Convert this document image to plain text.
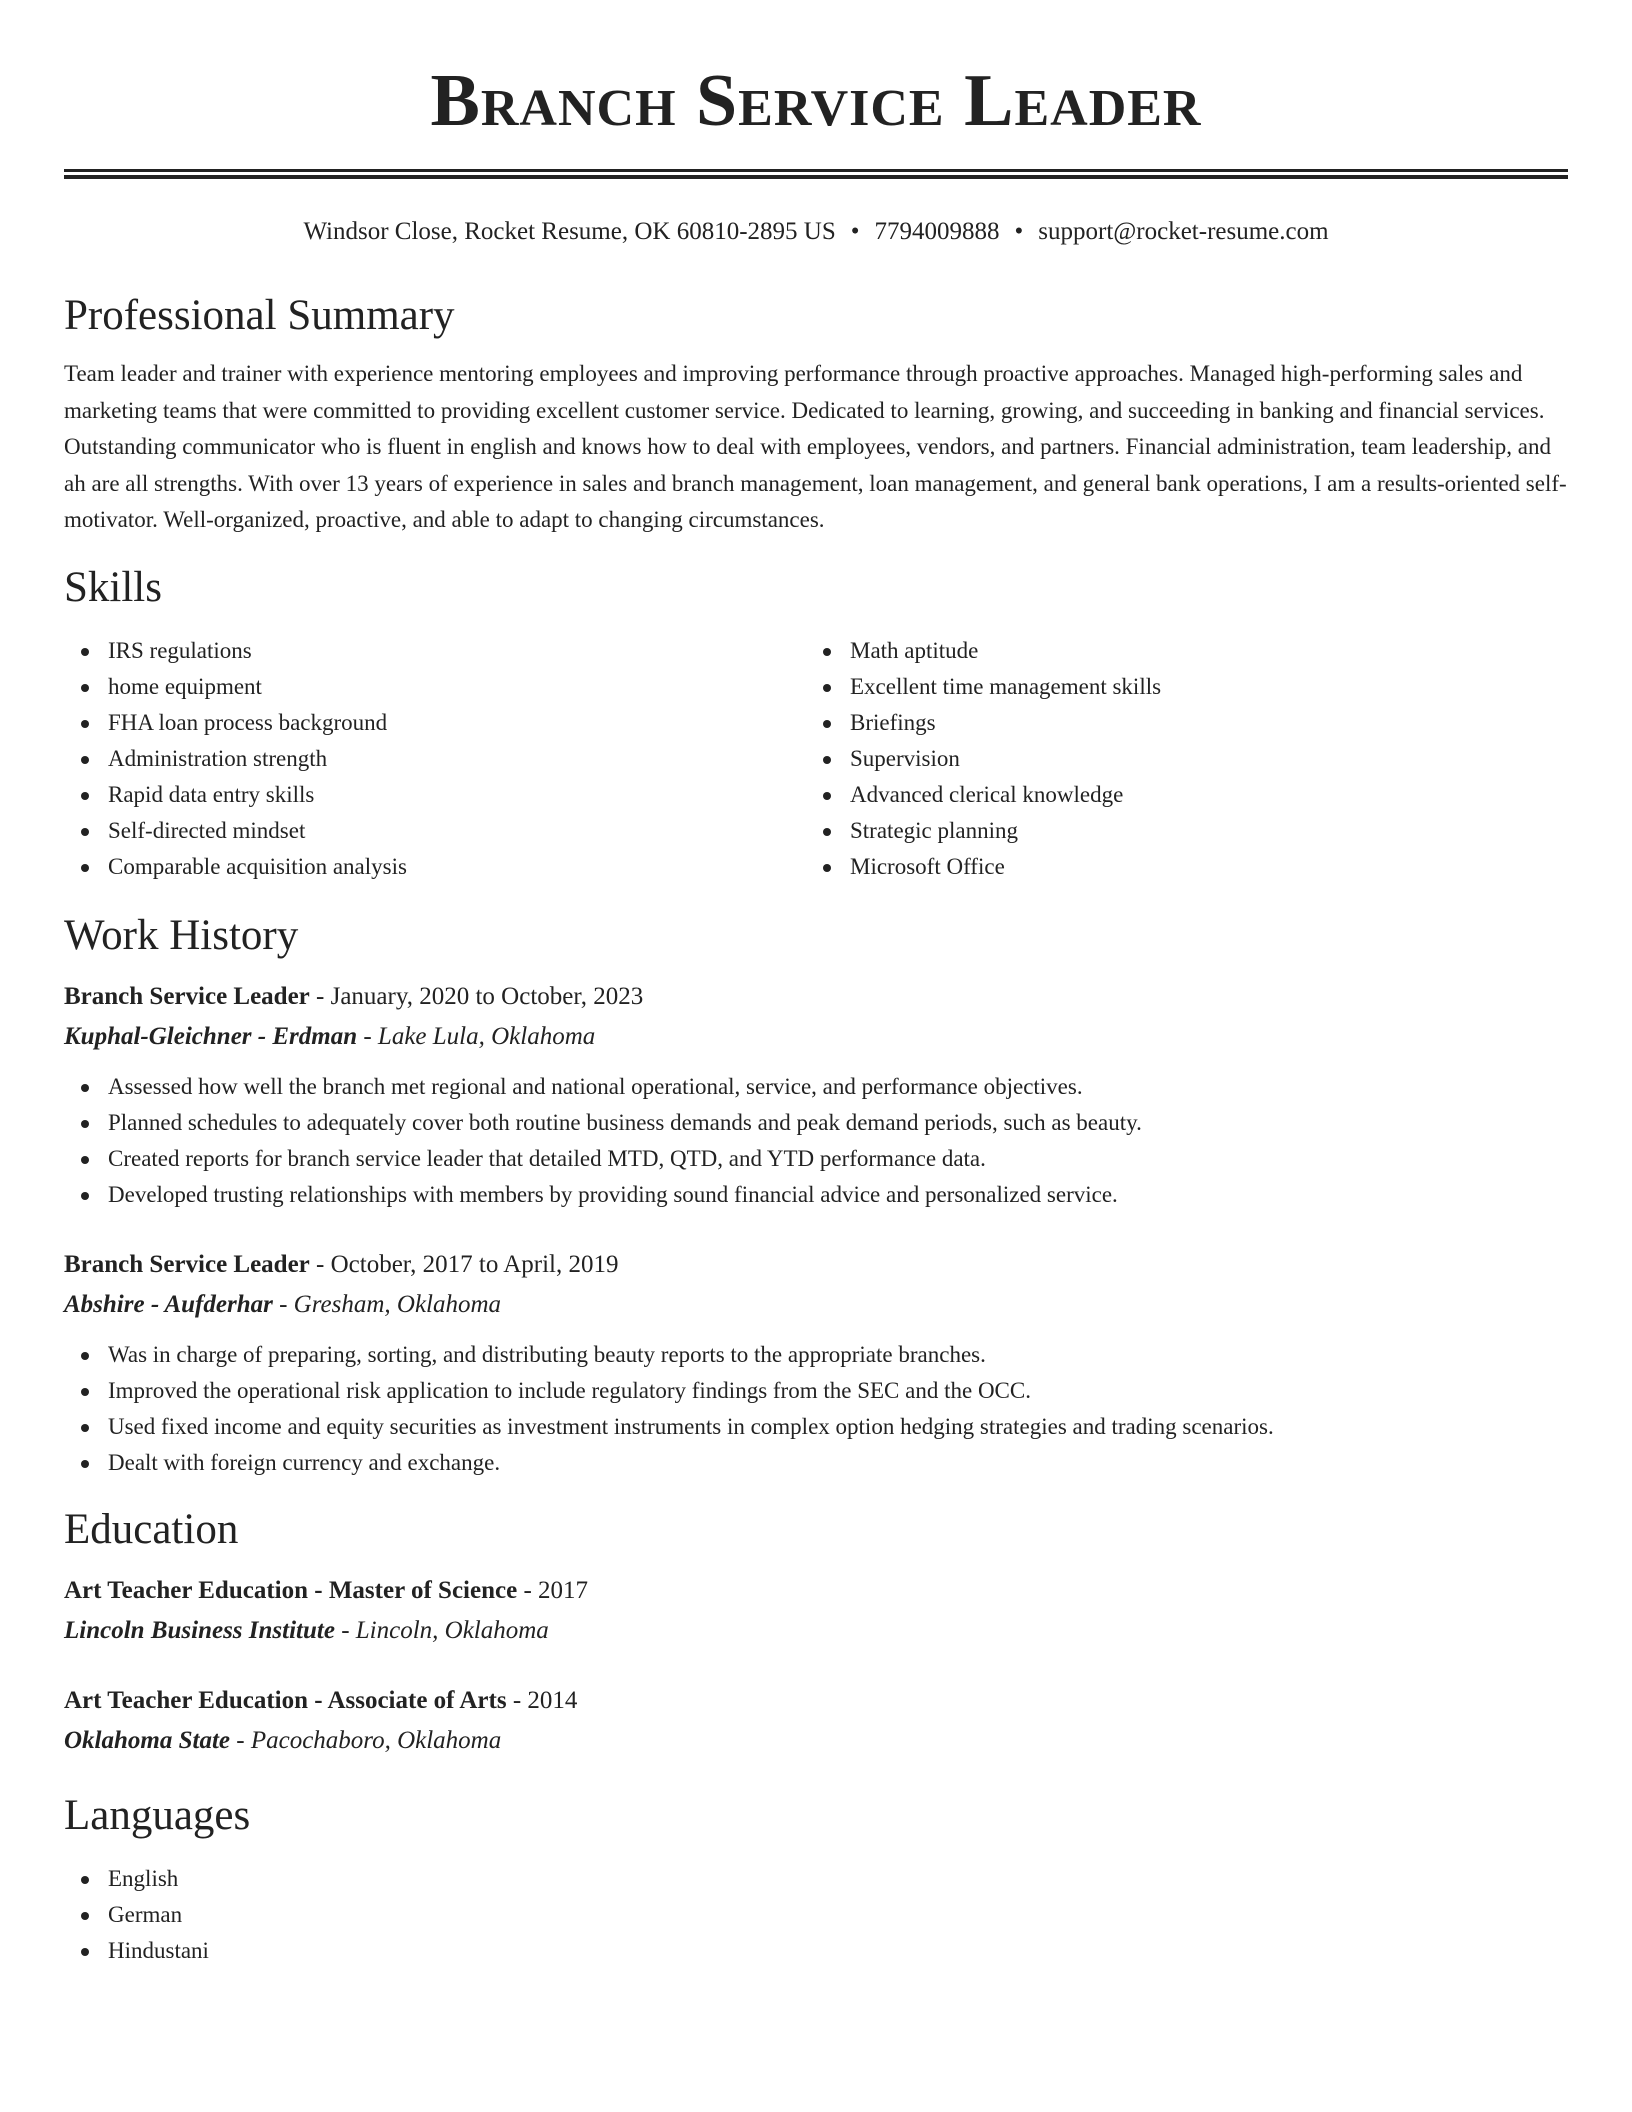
Branch Service Leader
Windsor Close, Rocket Resume, OK 60810-2895 US • 7794009888 • support@rocket-resume.com
Professional Summary

Team leader and trainer with experience mentoring employees and improving performance through proactive approaches. Managed high-performing sales and marketing teams that were committed to providing excellent customer service. Dedicated to learning, growing, and succeeding in banking and financial services. Outstanding communicator who is fluent in english and knows how to deal with employees, vendors, and partners. Financial administration, team leadership, and ah are all strengths. With over 13 years of experience in sales and branch management, loan management, and general bank operations, I am a results-oriented self-motivator. Well-organized, proactive, and able to adapt to changing circumstances.

Skills
IRS regulations
home equipment
FHA loan process background
Administration strength
Rapid data entry skills
Self-directed mindset
Comparable acquisition analysis
Math aptitude
Excellent time management skills
Briefings
Supervision
Advanced clerical knowledge
Strategic planning
Microsoft Office
Work History
Branch Service Leader - January, 2020 to October, 2023
Kuphal-Gleichner - Erdman - Lake Lula, Oklahoma
Assessed how well the branch met regional and national operational, service, and performance objectives.
Planned schedules to adequately cover both routine business demands and peak demand periods, such as beauty.
Created reports for branch service leader that detailed MTD, QTD, and YTD performance data.
Developed trusting relationships with members by providing sound financial advice and personalized service.
Branch Service Leader - October, 2017 to April, 2019
Abshire - Aufderhar - Gresham, Oklahoma
Was in charge of preparing, sorting, and distributing beauty reports to the appropriate branches.
Improved the operational risk application to include regulatory findings from the SEC and the OCC.
Used fixed income and equity securities as investment instruments in complex option hedging strategies and trading scenarios.
Dealt with foreign currency and exchange.
Education
Art Teacher Education - Master of Science - 2017
Lincoln Business Institute - Lincoln, Oklahoma
Art Teacher Education - Associate of Arts - 2014
Oklahoma State - Pacochaboro, Oklahoma
Languages
English
German
Hindustani
